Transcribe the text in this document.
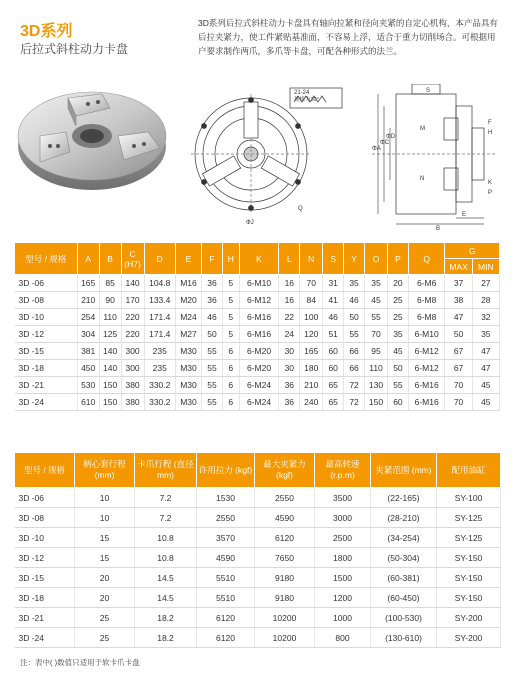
3D系列
后拉式斜柱动力卡盘
3D系列后拉式斜柱动力卡盘具有轴向拉紧和径向夹紧的自定心机构，本产品具有后拉夹紧力，使工件紧贴基准面，不容易上浮，适合于重力切削场合。可根据用户要求制作两爪，多爪等卡盘，可配各种形式的法兰。
21-24
规格为30°
ΦA
ΦC
ΦD
ΦJ
Q
B
E
F
H
K
M
N
P
S
型号 / 规格	A	B	C (H7)	D	E	F	H	K	L	N	S	Y	O	P	Q	G	
																MAX	MIN
3D -06	165	85	140	104.8	M16	36	5	6-M10	16	70	31	35	35	20	6-M6	37	27
3D -08	210	90	170	133.4	M20	36	5	6-M12	16	84	41	46	45	25	6-M8	38	28
3D -10	254	110	220	171.4	M24	46	5	6-M16	22	100	46	50	55	25	6-M8	47	32
3D -12	304	125	220	171.4	M27	50	5	6-M16	24	120	51	55	70	35	6-M10	50	35
3D -15	381	140	300	235	M30	55	6	6-M20	30	165	60	66	95	45	6-M12	67	47
3D -18	450	140	300	235	M30	55	6	6-M20	30	180	60	66	110	50	6-M12	67	47
3D -21	530	150	380	330.2	M30	55	6	6-M24	36	210	65	72	130	55	6-M16	70	45
3D -24	610	150	380	330.2	M30	55	6	6-M24	36	240	65	72	150	60	6-M16	70	45
型号 / 规格	柄心套行程 (mm)	卡爪行程 (直径mm)	许用拉力 (kgf)	最大夹紧力 (kgf)	最高转速 (r.p.m)	夹紧范围 (mm)	配用油缸
3D -06	10	7.2	1530	2550	3500	(22-165)	SY-100
3D -08	10	7.2	2550	4590	3000	(28-210)	SY-125
3D -10	15	10.8	3570	6120	2500	(34-254)	SY-125
3D -12	15	10.8	4590	7650	1800	(50-304)	SY-150
3D -15	20	14.5	5510	9180	1500	(60-381)	SY-150
3D -18	20	14.5	5510	9180	1200	(60-450)	SY-150
3D -21	25	18.2	6120	10200	1000	(100-530)	SY-200
3D -24	25	18.2	6120	10200	800	(130-610)	SY-200
注：表中( )数值只适用于软卡爪卡盘
